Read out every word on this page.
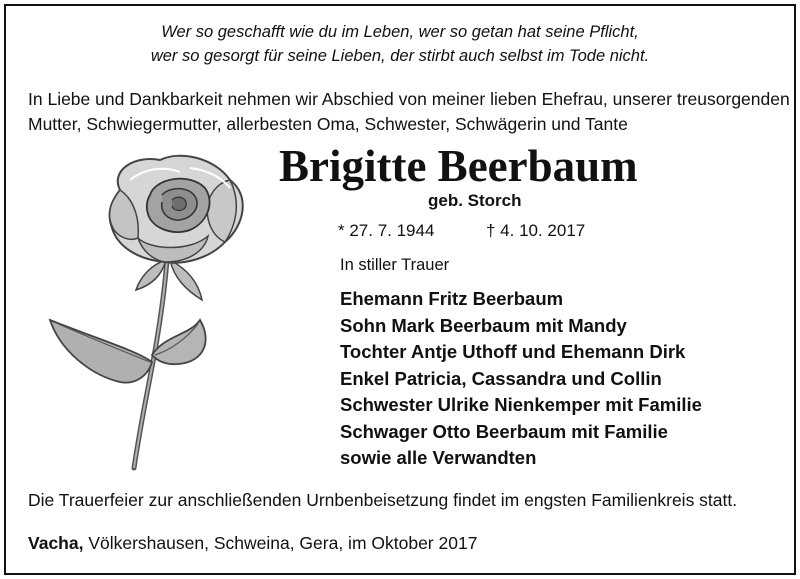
Wer so geschafft wie du im Leben, wer so getan hat seine Pflicht,
wer so gesorgt für seine Lieben, der stirbt auch selbst im Tode nicht.
In Liebe und Dankbarkeit nehmen wir Abschied von meiner lieben Ehefrau, unserer treusorgenden
Mutter, Schwiegermutter, allerbesten Oma, Schwester, Schwägerin und Tante
Brigitte Beerbaum
geb. Storch
* 27. 7. 1944	† 4. 10. 2017
In stiller Trauer
Ehemann Fritz Beerbaum
Sohn Mark Beerbaum mit Mandy
Tochter Antje Uthoff und Ehemann Dirk
Enkel Patricia, Cassandra und Collin
Schwester Ulrike Nienkemper mit Familie
Schwager Otto Beerbaum mit Familie
sowie alle Verwandten
Die Trauerfeier zur anschließenden Urnbenbeisetzung findet im engsten Familienkreis statt.
Vacha, Völkershausen, Schweina, Gera, im Oktober 2017
